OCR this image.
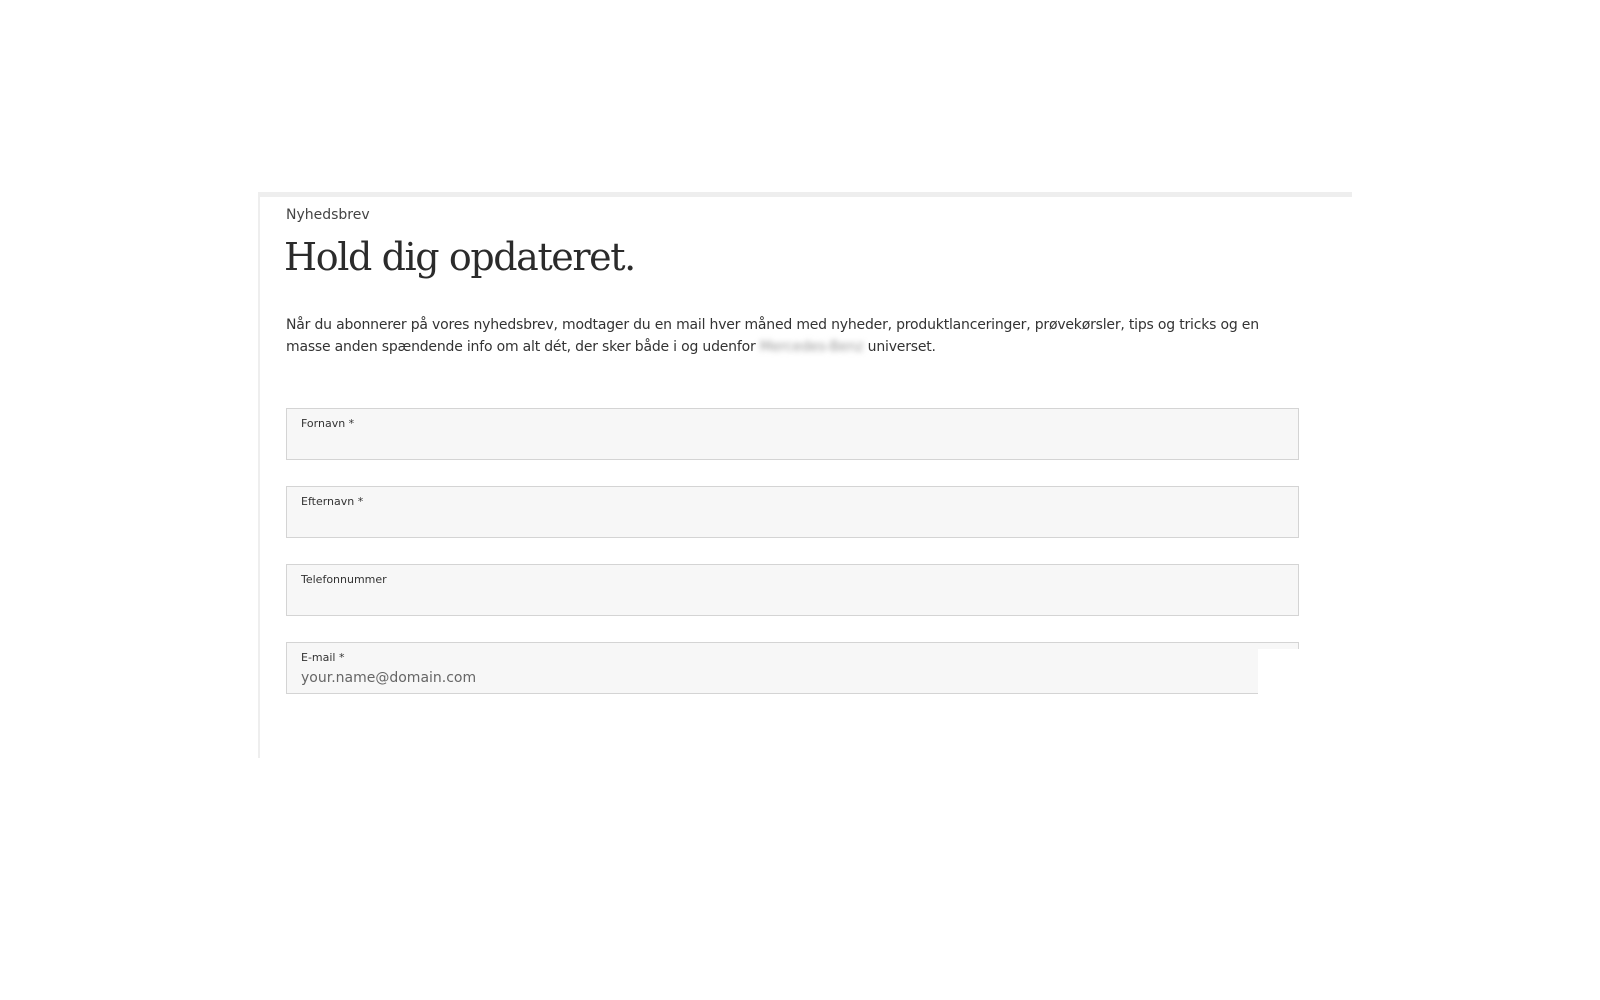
Nyhedsbrev
Hold dig opdateret.

Når du abonnerer på vores nyhedsbrev, modtager du en mail hver måned med nyheder, produktlanceringer, prøvekørsler, tips og tricks og en masse anden spændende info om alt dét, der sker både i og udenfor Mercedes-Benz universet.

Fornavn *
Efternavn *
Telefonnummer
E-mail *
your.name@domain.com
